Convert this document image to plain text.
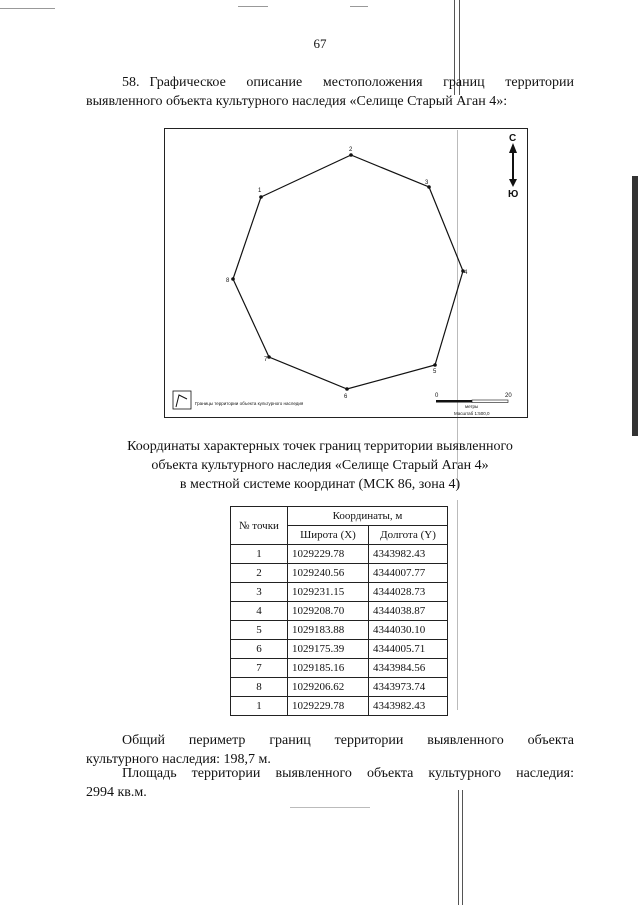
67
58. Графическое описание местоположения границ территории выявленного объекта культурного наследия «Селище Старый Аган 4»:
1
2
3
4
5
6
7
8
С
Ю
Границы территории объекта культурного наследия
0	20
метры
Масштаб 1:500,0
Координаты характерных точек границ территории выявленного
объекта культурного наследия «Селище Старый Аган 4»
в местной системе координат (МСК 86, зона 4)
№ точки	Координаты, м	
	Широта (X)	Долгота (Y)
1	1029229.78	4343982.43
2	1029240.56	4344007.77
3	1029231.15	4344028.73
4	1029208.70	4344038.87
5	1029183.88	4344030.10
6	1029175.39	4344005.71
7	1029185.16	4343984.56
8	1029206.62	4343973.74
1	1029229.78	4343982.43
Общий периметр границ территории выявленного объекта
культурного наследия: 198,7 м.
Площадь территории выявленного объекта культурного наследия:
2994 кв.м.
